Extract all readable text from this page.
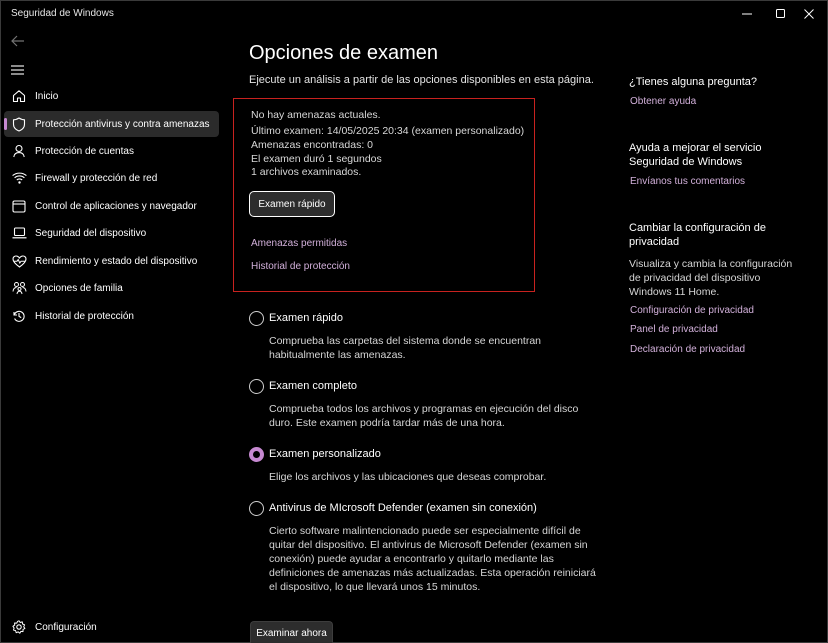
Seguridad de Windows
Inicio
Protección antivirus y contra amenazas
Protección de cuentas
Firewall y protección de red
Control de aplicaciones y navegador
Seguridad del dispositivo
Rendimiento y estado del dispositivo
Opciones de familia
Historial de protección
Configuración
Opciones de examen

Ejecute un análisis a partir de las opciones disponibles en esta página.

No hay amenazas actuales.
Último examen: 14/05/2025 20:34 (examen personalizado)
Amenazas encontradas: 0
El examen duró 1 segundos
1 archivos examinados.
Examen rápido
Amenazas permitidas
Historial de protección
Examen rápido
Comprueba las carpetas del sistema donde se encuentran
habitualmente las amenazas.
Examen completo
Comprueba todos los archivos y programas en ejecución del disco
duro. Este examen podría tardar más de una hora.
Examen personalizado
Elige los archivos y las ubicaciones que deseas comprobar.
Antivirus de MIcrosoft Defender (examen sin conexión)
Cierto software malintencionado puede ser especialmente difícil de
quitar del dispositivo. El antivirus de Microsoft Defender (examen sin
conexión) puede ayudar a encontrarlo y quitarlo mediante las
definiciones de amenazas más actualizadas. Esta operación reiniciará
el dispositivo, lo que llevará unos 15 minutos.
Examinar ahora
¿Tienes alguna pregunta?
Obtener ayuda
Ayuda a mejorar el servicio
Seguridad de Windows
Envíanos tus comentarios
Cambiar la configuración de
privacidad
Visualiza y cambia la configuración
de privacidad del dispositivo
Windows 11 Home.
Configuración de privacidad
Panel de privacidad
Declaración de privacidad
